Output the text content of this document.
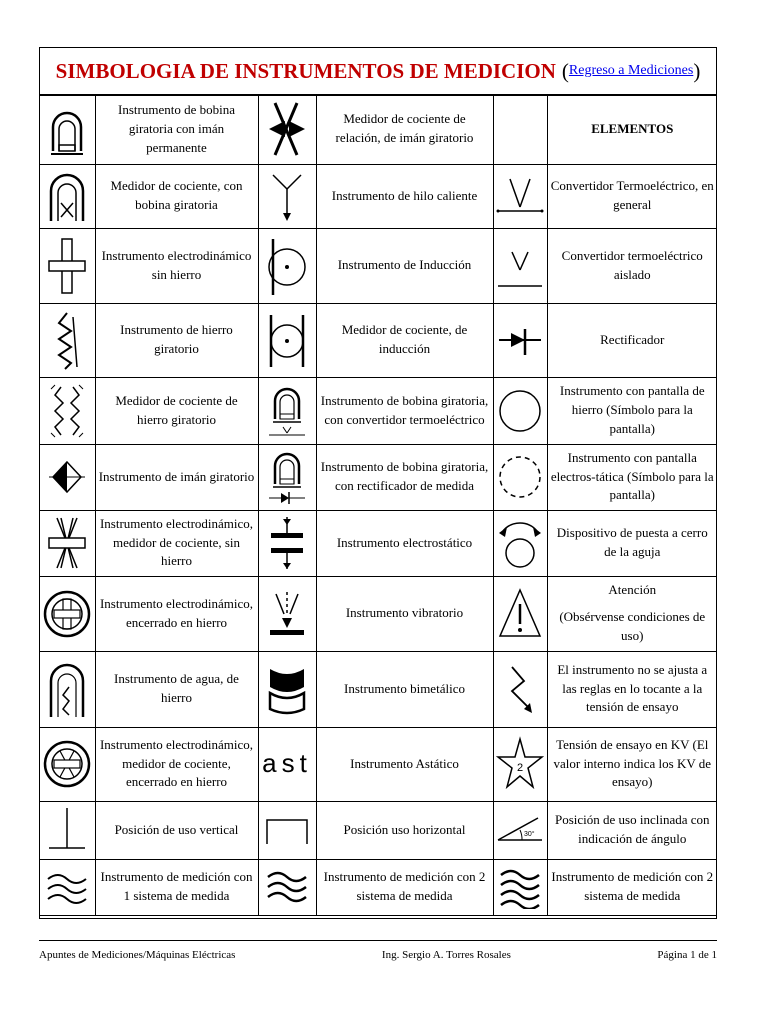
SIMBOLOGIA DE INSTRUMENTOS DE MEDICION ( Regreso a Mediciones )
	Instrumento de bobina giratoria con imán permanente		Medidor de cociente de relación, de imán giratorio		ELEMENTOS

	Medidor de cociente, con bobina giratoria		Instrumento de hilo caliente		Convertidor Termoeléctrico, en general

	Instrumento electrodinámico sin hierro		Instrumento de Inducción		Convertidor termoeléctrico aislado

	Instrumento de hierro giratorio		Medidor de cociente, de inducción		Rectificador

	Medidor de cociente de hierro giratorio		Instrumento de bobina giratoria, con convertidor termoeléctrico		Instrumento con pantalla de hierro (Símbolo para la pantalla)

	Instrumento de imán giratorio		Instrumento de bobina giratoria, con rectificador de medida		Instrumento con pantalla electros-tática (Símbolo para la pantalla)

	Instrumento electrodinámico, medidor de cociente, sin hierro		Instrumento electrostático		Dispositivo de puesta a cerro de la aguja

	Instrumento electrodinámico, encerrado en hierro		Instrumento vibratorio		Atención
(Obsérvense condiciones de uso)

	Instrumento de agua, de hierro		Instrumento bimetálico		El instrumento no se ajusta a las reglas en lo tocante a la tensión de ensayo

	Instrumento electrodinámico, medidor de cociente, encerrado en hierro	ast	Instrumento Astático	2	Tensión de ensayo en KV (El valor interno indica los KV de ensayo)

	Posición de uso vertical		Posición uso horizontal	30°	Posición de uso inclinada con indicación de ángulo

	Instrumento de medición con 1 sistema de medida		Instrumento de medición con 2 sistema de medida		Instrumento de medición con 2 sistema de medida
Apuntes de Mediciones/Máquinas Eléctricas	Ing. Sergio A. Torres Rosales	Página 1 de 1
